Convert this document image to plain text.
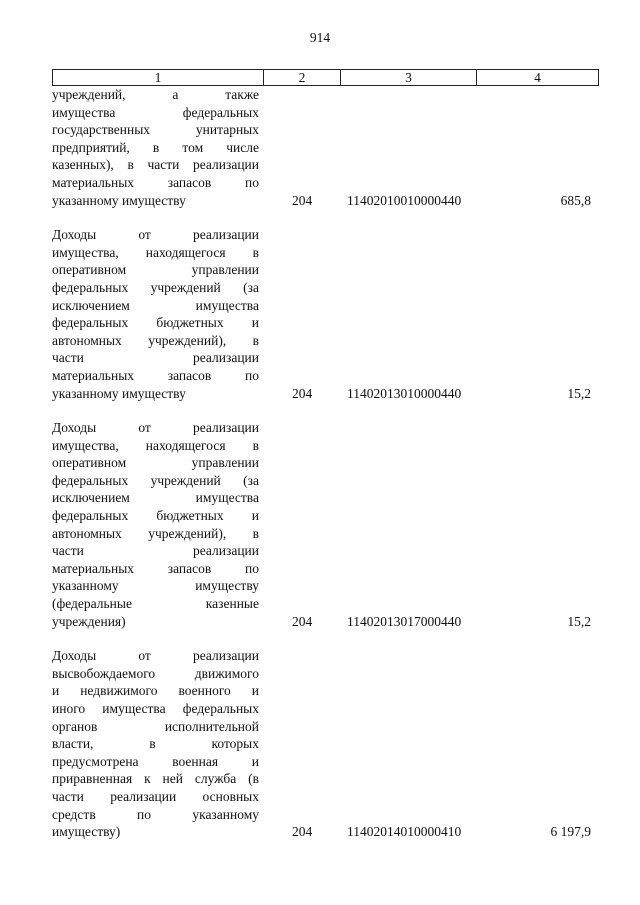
914
1	2	3	4
учреждений, а также
имущества федеральных
государственных унитарных
предприятий, в том числе
казенных), в части реализации
материальных запасов по
указанному имуществу	204	11402010010000440	685,8
Доходы от реализации
имущества, находящегося в
оперативном управлении
федеральных учреждений (за
исключением имущества
федеральных бюджетных и
автономных учреждений), в
части реализации
материальных запасов по
указанному имуществу	204	11402013010000440	15,2
Доходы от реализации
имущества, находящегося в
оперативном управлении
федеральных учреждений (за
исключением имущества
федеральных бюджетных и
автономных учреждений), в
части реализации
материальных запасов по
указанному имуществу
(федеральные казенные
учреждения)	204	11402013017000440	15,2
Доходы от реализации
высвобождаемого движимого
и недвижимого военного и
иного имущества федеральных
органов исполнительной
власти, в которых
предусмотрена военная и
приравненная к ней служба (в
части реализации основных
средств по указанному
имуществу)	204	11402014010000410	6 197,9
